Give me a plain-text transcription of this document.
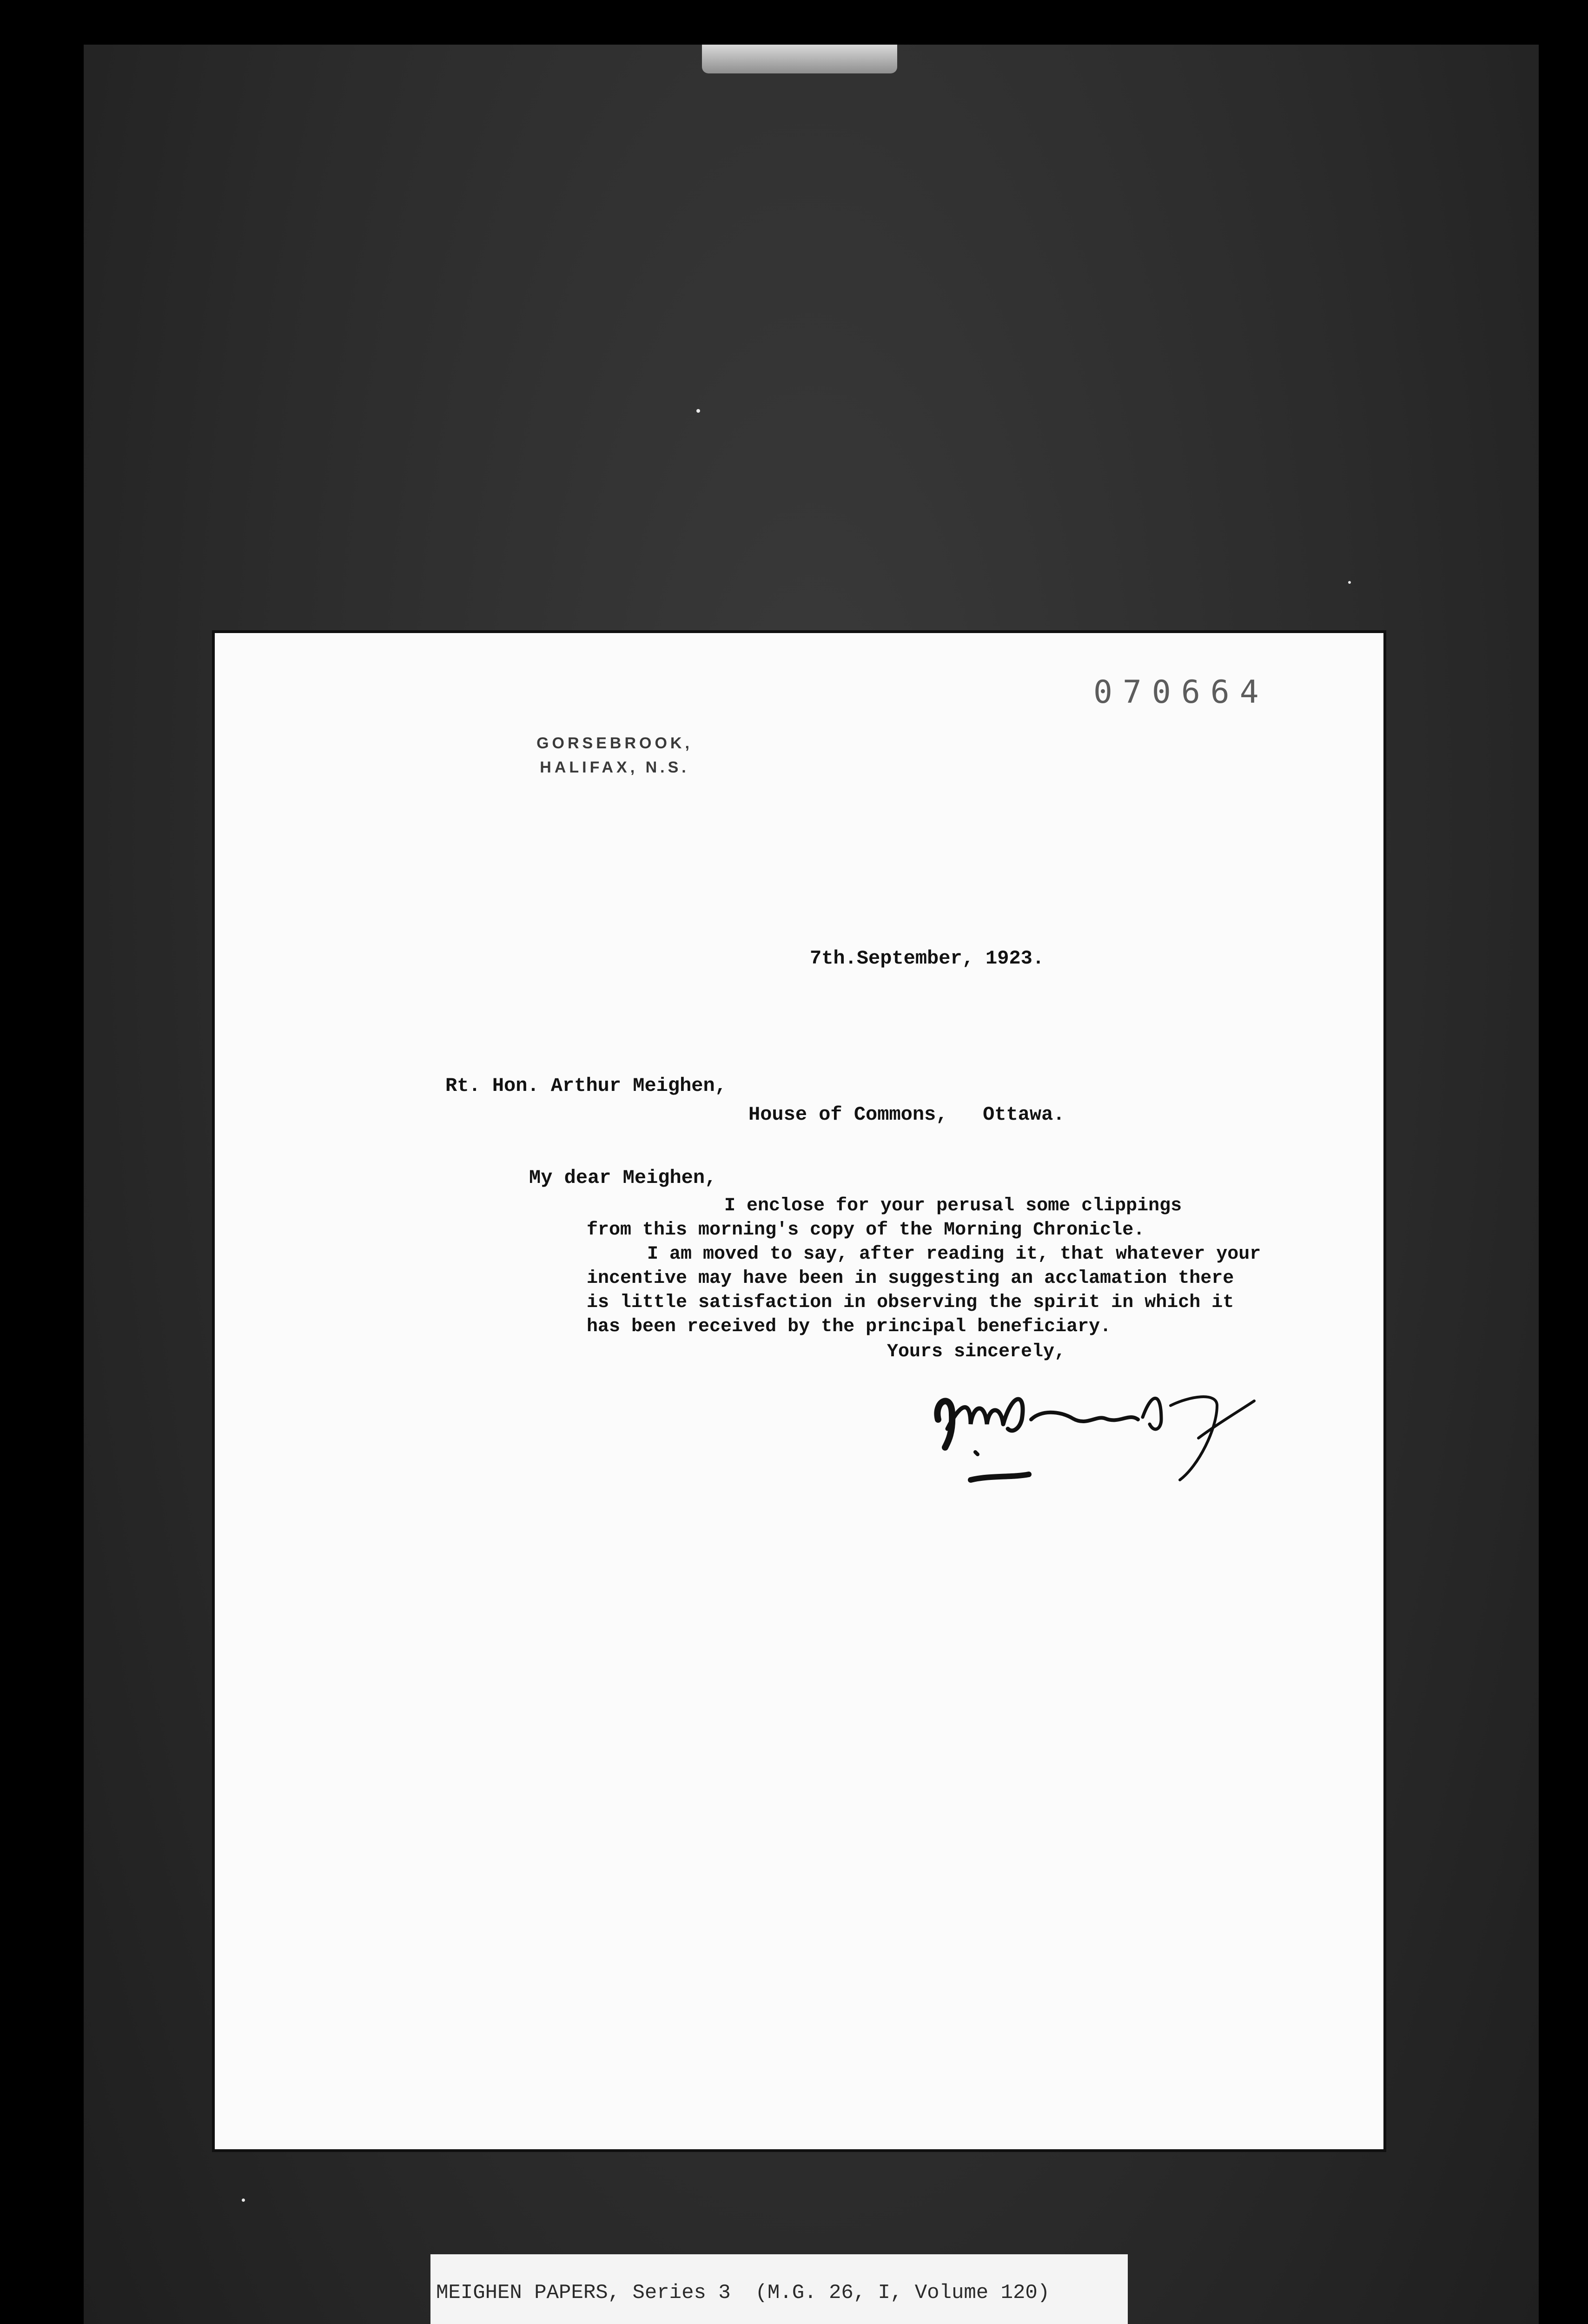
070664
GORSEBROOK,
HALIFAX, N.S.
7th.September, 1923.
Rt. Hon. Arthur Meighen,
House of Commons,   Ottawa.
My dear Meighen,
I enclose for your perusal some clippings
from this morning's copy of the Morning Chronicle.
I am moved to say, after reading it, that whatever your
incentive may have been in suggesting an acclamation there
is little satisfaction in observing the spirit in which it
has been received by the principal beneficiary.
Yours sincerely,
MEIGHEN PAPERS, Series 3  (M.G. 26, I, Volume 120)
